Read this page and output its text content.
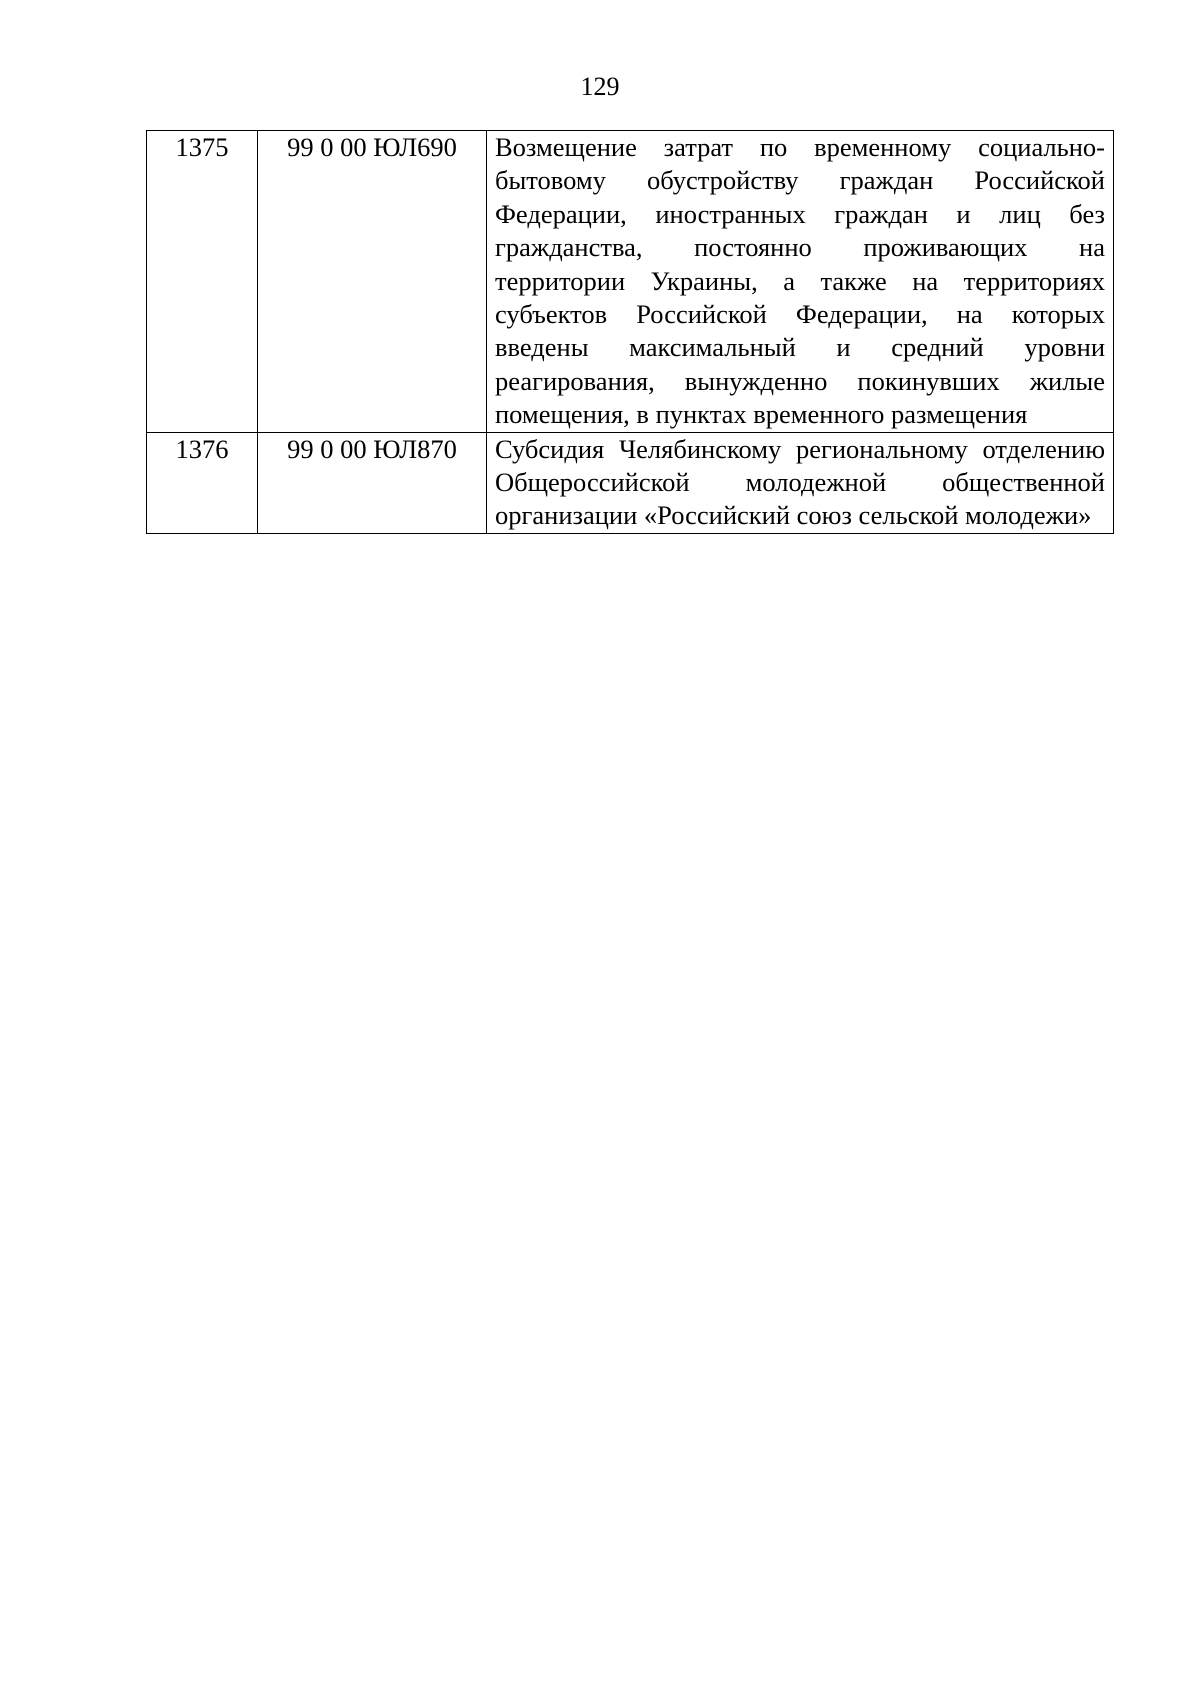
129
1375	99 0 00 ЮЛ690	Возмещение затрат по временному социально-бытовому обустройству граждан Российской Федерации, иностранных граждан и лиц без гражданства, постоянно проживающих на территории Украины, а также на территориях субъектов Российской Федерации, на которых введены максимальный и средний уровни реагирования, вынужденно покинувших жилые помещения, в пунктах временного размещения
1376	99 0 00 ЮЛ870	Субсидия Челябинскому региональному отделению Общероссийской молодежной общественной организации «Российский союз сельской молодежи»
